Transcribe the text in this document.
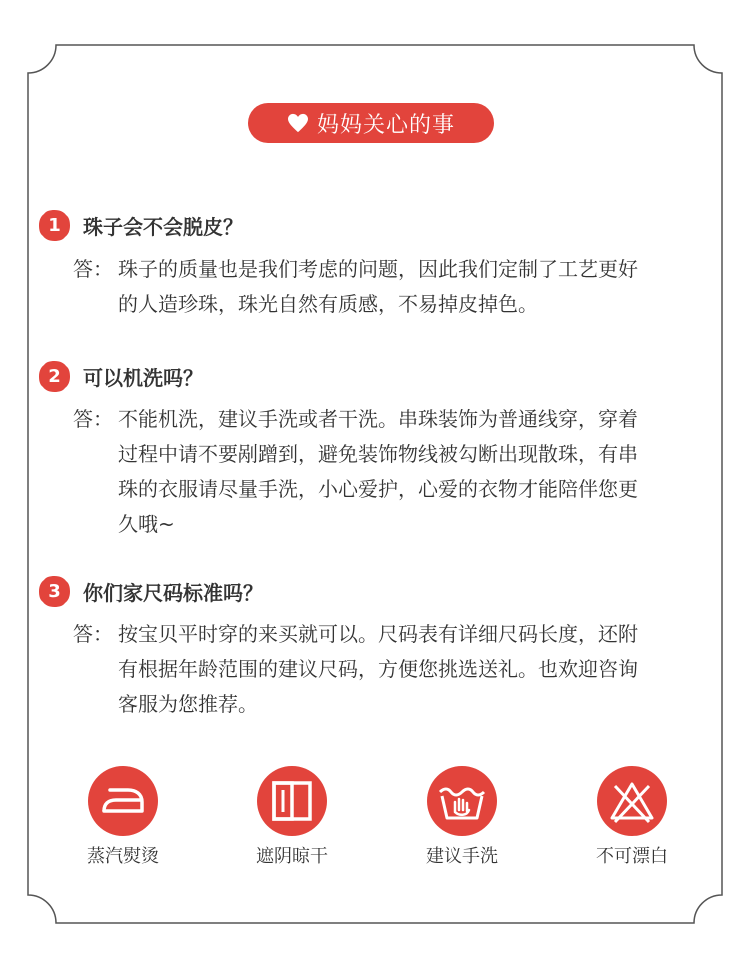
妈妈关心的事
1	珠子会不会脱皮？
答： 珠子的质量也是我们考虑的问题，因此我们定制了工艺更好
的人造珍珠，珠光自然有质感，不易掉皮掉色。
2	可以机洗吗？
答： 不能机洗，建议手洗或者干洗。串珠装饰为普通线穿，穿着
过程中请不要剐蹭到，避免装饰物线被勾断出现散珠，有串
珠的衣服请尽量手洗，小心爱护，心爱的衣物才能陪伴您更
久哦~
3	你们家尺码标准吗？
答： 按宝贝平时穿的来买就可以。尺码表有详细尺码长度，还附
有根据年龄范围的建议尺码，方便您挑选送礼。也欢迎咨询
客服为您推荐。
蒸汽熨烫	遮阴晾干	建议手洗	不可漂白
